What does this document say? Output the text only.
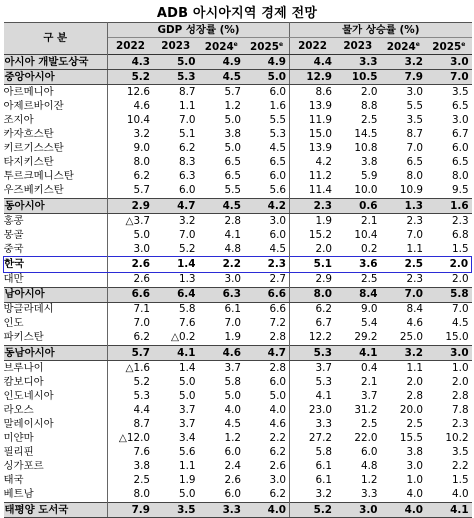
ADB 아시아지역 경제 전망
구 분	GDP 성장률 (%)				물가 상승률 (%)			
	2022	2023	2024e	2025e	2022	2023	2024e	2025e
아시아 개발도상국	4.3	5.0	4.9	4.9	4.4	3.3	3.2	3.0
중앙아시아	5.2	5.3	4.5	5.0	12.9	10.5	7.9	7.0
아르메니아	12.6	8.7	5.7	6.0	8.6	2.0	3.0	3.5
아제르바이잔	4.6	1.1	1.2	1.6	13.9	8.8	5.5	6.5
조지아	10.4	7.0	5.0	5.5	11.9	2.5	3.5	3.0
카자흐스탄	3.2	5.1	3.8	5.3	15.0	14.5	8.7	6.7
키르기스스탄	9.0	6.2	5.0	4.5	13.9	10.8	7.0	6.0
타지키스탄	8.0	8.3	6.5	6.5	4.2	3.8	6.5	6.5
투르크메니스탄	6.2	6.3	6.5	6.0	11.2	5.9	8.0	8.0
우즈베키스탄	5.7	6.0	5.5	5.6	11.4	10.0	10.9	9.5
동아시아	2.9	4.7	4.5	4.2	2.3	0.6	1.3	1.6
홍콩	△3.7	3.2	2.8	3.0	1.9	2.1	2.3	2.3
몽골	5.0	7.0	4.1	6.0	15.2	10.4	7.0	6.8
중국	3.0	5.2	4.8	4.5	2.0	0.2	1.1	1.5
한국	2.6	1.4	2.2	2.3	5.1	3.6	2.5	2.0
대만	2.6	1.3	3.0	2.7	2.9	2.5	2.3	2.0
남아시아	6.6	6.4	6.3	6.6	8.0	8.4	7.0	5.8
방글라데시	7.1	5.8	6.1	6.6	6.2	9.0	8.4	7.0
인도	7.0	7.6	7.0	7.2	6.7	5.4	4.6	4.5
파키스탄	6.2	△0.2	1.9	2.8	12.2	29.2	25.0	15.0
동남아시아	5.7	4.1	4.6	4.7	5.3	4.1	3.2	3.0
브루나이	△1.6	1.4	3.7	2.8	3.7	0.4	1.1	1.0
캄보디아	5.2	5.0	5.8	6.0	5.3	2.1	2.0	2.0
인도네시아	5.3	5.0	5.0	5.0	4.1	3.7	2.8	2.8
라오스	4.4	3.7	4.0	4.0	23.0	31.2	20.0	7.8
말레이시아	8.7	3.7	4.5	4.6	3.3	2.5	2.5	2.3
미얀마	△12.0	3.4	1.2	2.2	27.2	22.0	15.5	10.2
필리핀	7.6	5.6	6.0	6.2	5.8	6.0	3.8	3.5
싱가포르	3.8	1.1	2.4	2.6	6.1	4.8	3.0	2.2
태국	2.5	1.9	2.6	3.0	6.1	1.2	1.0	1.5
베트남	8.0	5.0	6.0	6.2	3.2	3.3	4.0	4.0
태평양 도서국	7.9	3.5	3.3	4.0	5.2	3.0	4.0	4.1
